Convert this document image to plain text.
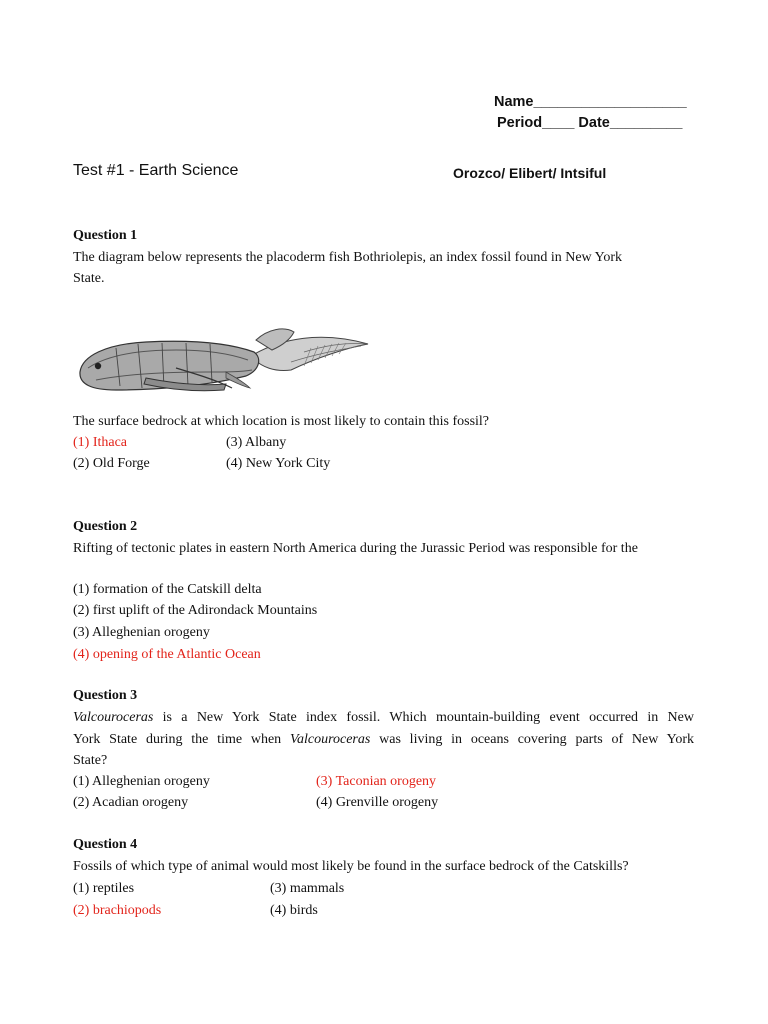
Name___________________
Period____ Date_________
Test #1 - Earth Science	Orozco/ Elibert/ Intsiful
Question 1
The diagram below represents the placoderm fish Bothriolepis, an index fossil found in New York
State.
The surface bedrock at which location is most likely to contain this fossil?
(1) Ithaca
(2) Old Forge
(3) Albany
(4) New York City
Question 2
Rifting of tectonic plates in eastern North America during the Jurassic Period was responsible for the
(1) formation of the Catskill delta
(2) first uplift of the Adirondack Mountains
(3) Alleghenian orogeny
(4) opening of the Atlantic Ocean
Question 3
Valcouroceras is a New York State index fossil. Which mountain-building event occurred in New
York State during the time when Valcouroceras was living in oceans covering parts of New York
State?
(1) Alleghenian orogeny
(2) Acadian orogeny
(3) Taconian orogeny
(4) Grenville orogeny
Question 4
Fossils of which type of animal would most likely be found in the surface bedrock of the Catskills?
(1) reptiles
(2) brachiopods
(3) mammals
(4) birds
